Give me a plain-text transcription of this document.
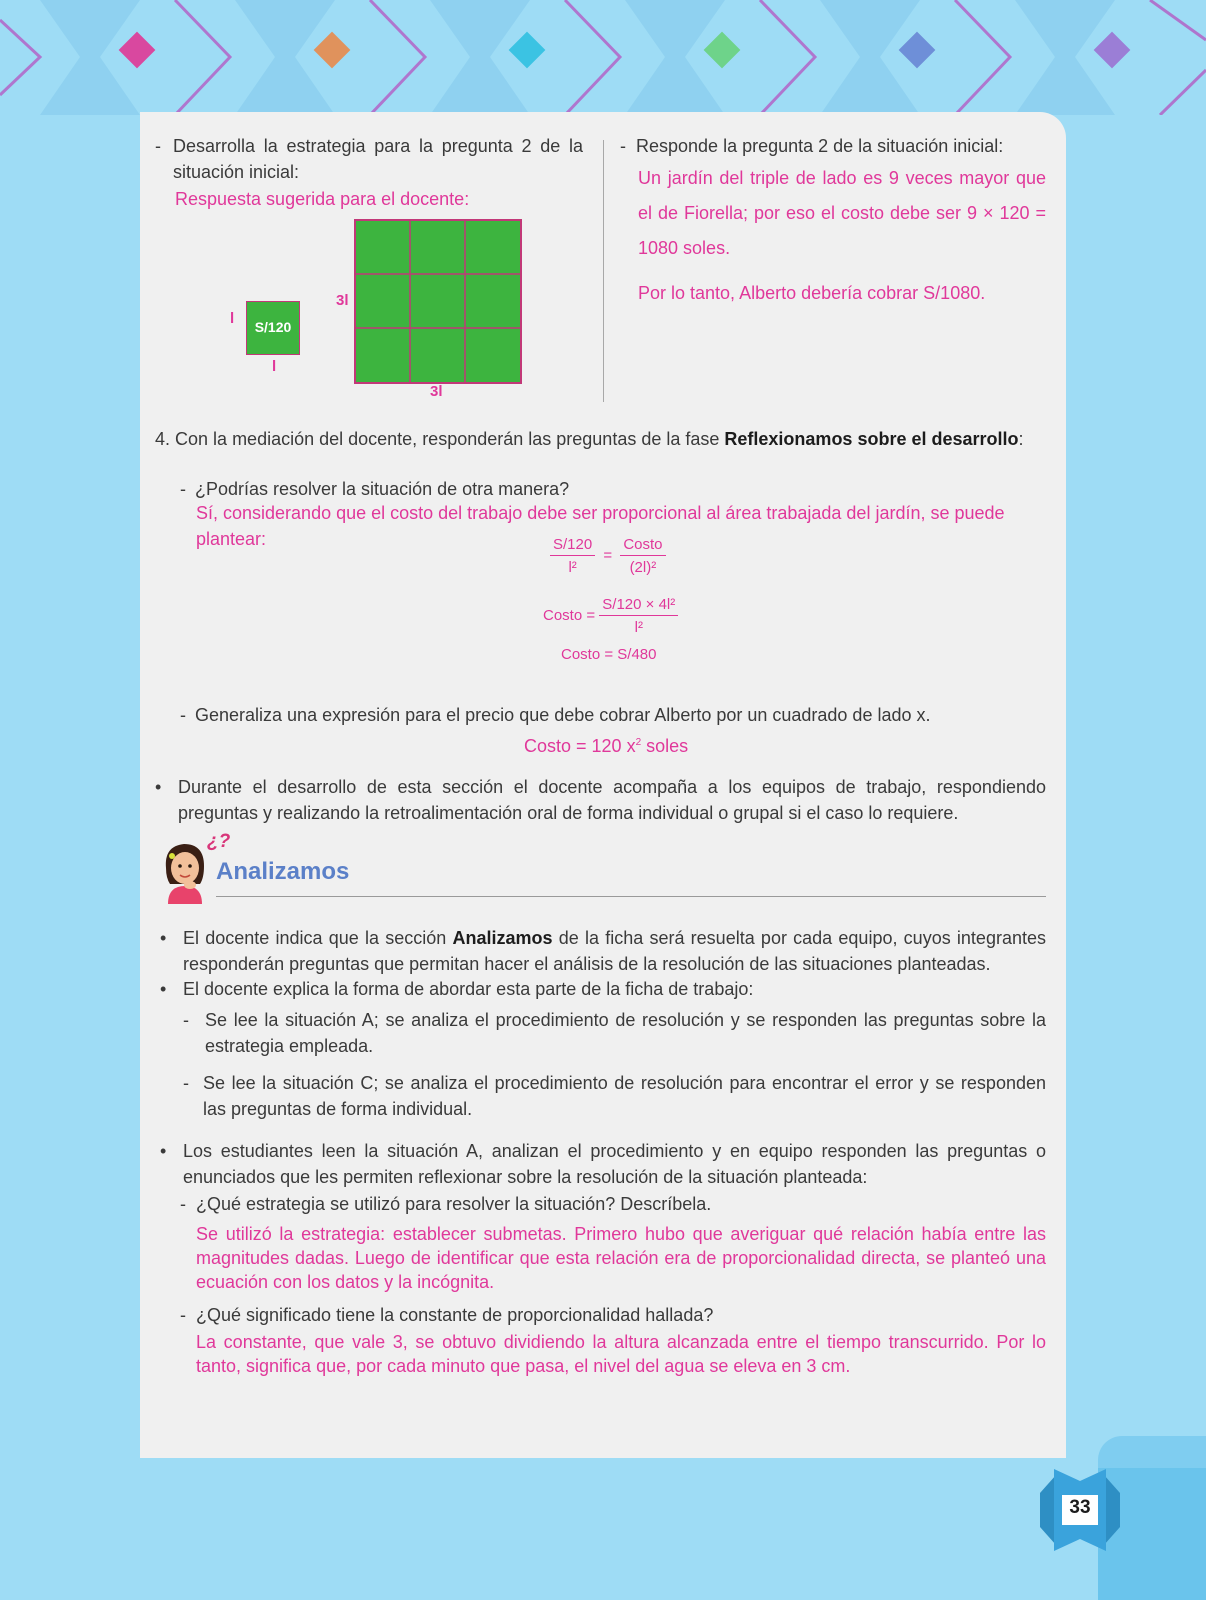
- Desarrolla la estrategia para la pregunta 2 de la situación inicial:
Respuesta sugerida para el docente:
l	S/120
l
3l
3l
- Responde la pregunta 2 de la situación inicial:
Un jardín del triple de lado es 9 veces mayor que el de Fiorella; por eso el costo debe ser 9 × 120 = 1080 soles.
Por lo tanto, Alberto debería cobrar S/1080.
4. Con la mediación del docente, responderán las preguntas de la fase Reflexionamos sobre el desarrollo:
- ¿Podrías resolver la situación de otra manera?
Sí, considerando que el costo del trabajo debe ser proporcional al área trabajada del jardín, se puede plantear:	$\frac{S/120}{\text{l²}} = \frac{\text{Costo}}{\text{(2l)²}}$
Costo = $\frac{\text{S/120 × 4l²}}{\text{l²}}$
Costo = S/480
- Generaliza una expresión para el precio que debe cobrar Alberto por un cuadrado de lado x.
Costo = 120 $x^2$ soles
• Durante el desarrollo de esta sección el docente acompaña a los equipos de trabajo, respondiendo preguntas y realizando la retroalimentación oral de forma individual o grupal si el caso lo requiere.
¿?
Analizamos
• El docente indica que la sección Analizamos de la ficha será resuelta por cada equipo, cuyos integrantes responderán preguntas que permitan hacer el análisis de la resolución de las situaciones planteadas.
• El docente explica la forma de abordar esta parte de la ficha de trabajo:
- Se lee la situación A; se analiza el procedimiento de resolución y se responden las preguntas sobre la estrategia empleada.
- Se lee la situación C; se analiza el procedimiento de resolución para encontrar el error y se responden las preguntas de forma individual.
• Los estudiantes leen la situación A, analizan el procedimiento y en equipo responden las preguntas o enunciados que les permiten reflexionar sobre la resolución de la situación planteada:
- ¿Qué estrategia se utilizó para resolver la situación? Descríbela.
Se utilizó la estrategia: establecer submetas. Primero hubo que averiguar qué relación había entre las magnitudes dadas. Luego de identificar que esta relación era de proporcionalidad directa, se planteó una ecuación con los datos y la incógnita.
- ¿Qué significado tiene la constante de proporcionalidad hallada?
La constante, que vale 3, se obtuvo dividiendo la altura alcanzada entre el tiempo transcurrido. Por lo tanto, significa que, por cada minuto que pasa, el nivel del agua se eleva en 3 cm.
33
